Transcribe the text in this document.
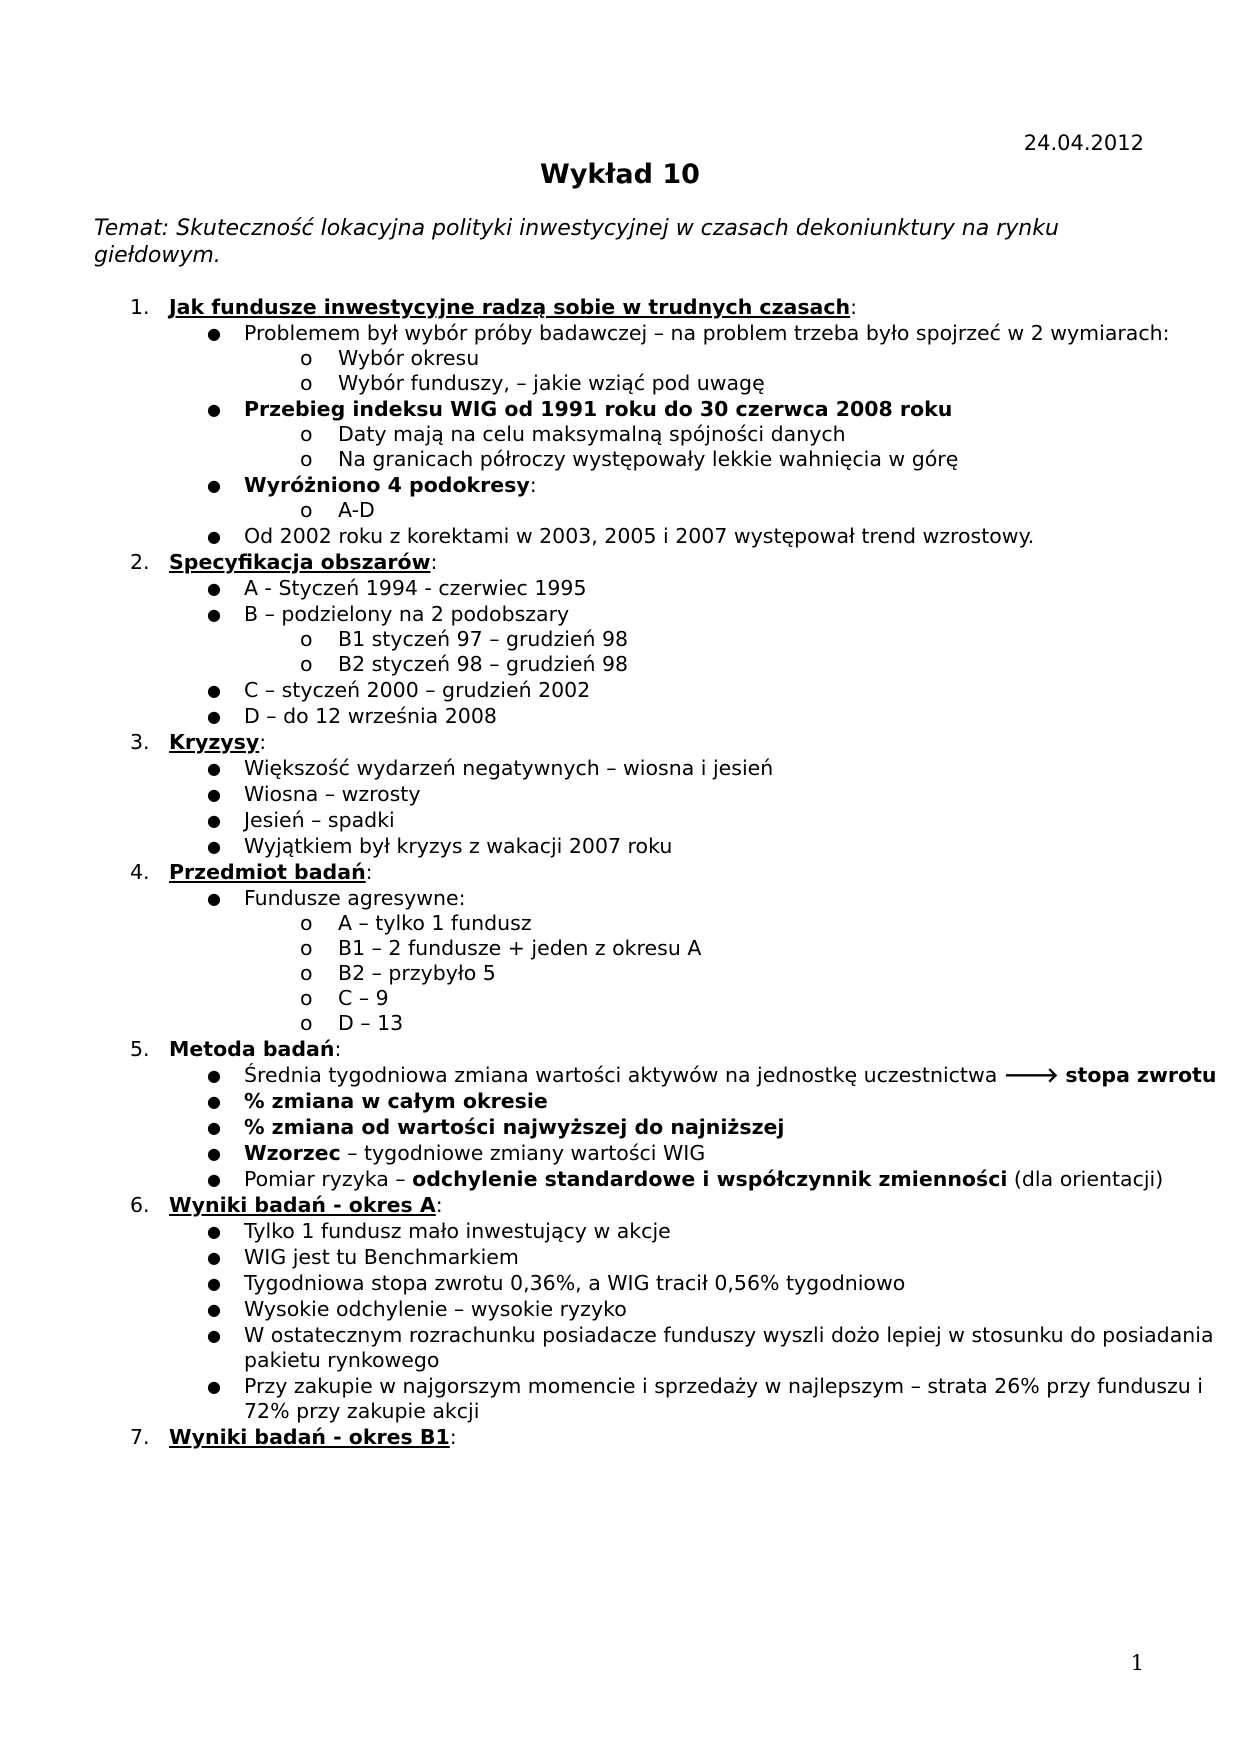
24.04.2012
Wykład 10
Temat: Skuteczność lokacyjna polityki inwestycyjnej w czasach dekoniunktury na rynku giełdowym.
1. Jak fundusze inwestycyjne radzą sobie w trudnych czasach:
● Problemem był wybór próby badawczej – na problem trzeba było spojrzeć w 2 wymiarach:
o Wybór okresu
o Wybór funduszy, – jakie wziąć pod uwagę
● Przebieg indeksu WIG od 1991 roku do 30 czerwca 2008 roku
o Daty mają na celu maksymalną spójności danych
o Na granicach półroczy występowały lekkie wahnięcia w górę
● Wyróżniono 4 podokresy:
o A-D
● Od 2002 roku z korektami w 2003, 2005 i 2007 występował trend wzrostowy.
2. Specyfikacja obszarów:
● A - Styczeń 1994 - czerwiec 1995
● B – podzielony na 2 podobszary
o B1 styczeń 97 – grudzień 98
o B2 styczeń 98 – grudzień 98
● C – styczeń 2000 – grudzień 2002
● D – do 12 września 2008
3. Kryzysy:
● Większość wydarzeń negatywnych – wiosna i jesień
● Wiosna – wzrosty
● Jesień – spadki
● Wyjątkiem był kryzys z wakacji 2007 roku
4. Przedmiot badań:
● Fundusze agresywne:
o A – tylko 1 fundusz
o B1 – 2 fundusze + jeden z okresu A
o B2 – przybyło 5
o C – 9
o D – 13
5. Metoda badań:
● Średnia tygodniowa zmiana wartości aktywów na jednostkę uczestnictwa 🡒 stopa zwrotu
● % zmiana w całym okresie
● % zmiana od wartości najwyższej do najniższej
● Wzorzec – tygodniowe zmiany wartości WIG
● Pomiar ryzyka – odchylenie standardowe i współczynnik zmienności (dla orientacji)
6. Wyniki badań - okres A:
● Tylko 1 fundusz mało inwestujący w akcje
● WIG jest tu Benchmarkiem
● Tygodniowa stopa zwrotu 0,36%, a WIG tracił 0,56% tygodniowo
● Wysokie odchylenie – wysokie ryzyko
● W ostatecznym rozrachunku posiadacze funduszy wyszli dożo lepiej w stosunku do posiadania pakietu rynkowego
● Przy zakupie w najgorszym momencie i sprzedaży w najlepszym – strata 26% przy funduszu i 72% przy zakupie akcji
7. Wyniki badań - okres B1:
1
